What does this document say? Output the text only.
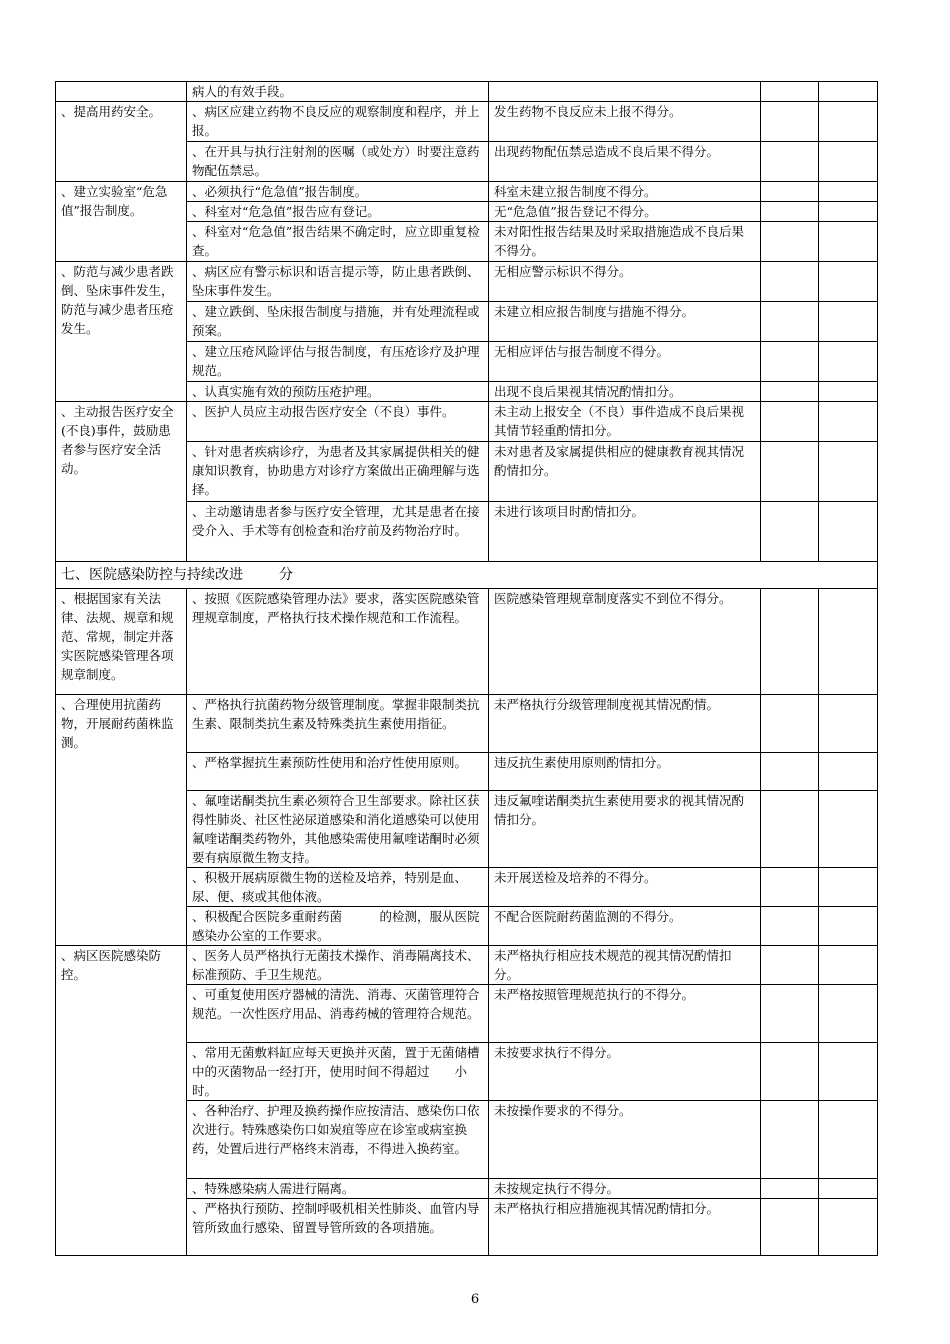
	病人的有效手段。			
、提高用药安全。	、病区应建立药物不良反应的观察制度和程序，并上报。	发生药物不良反应未上报不得分。		
	、在开具与执行注射剂的医嘱（或处方）时要注意药物配伍禁忌。	出现药物配伍禁忌造成不良后果不得分。		
、建立实验室“危急值”报告制度。	、必须执行“危急值”报告制度。	科室未建立报告制度不得分。		
	、科室对“危急值”报告应有登记。	无“危急值”报告登记不得分。		
	、科室对“危急值”报告结果不确定时，应立即重复检查。	未对阳性报告结果及时采取措施造成不良后果不得分。		
、防范与减少患者跌倒、坠床事件发生，防范与减少患者压疮发生。	、病区应有警示标识和语言提示等，防止患者跌倒、坠床事件发生。	无相应警示标识不得分。		
	、建立跌倒、坠床报告制度与措施，并有处理流程或预案。	未建立相应报告制度与措施不得分。		
	、建立压疮风险评估与报告制度，有压疮诊疗及护理规范。	无相应评估与报告制度不得分。		
	、认真实施有效的预防压疮护理。	出现不良后果视其情况酌情扣分。		
、主动报告医疗安全(不良)事件，鼓励患者参与医疗安全活动。	、医护人员应主动报告医疗安全（不良）事件。	未主动上报安全（不良）事件造成不良后果视其情节轻重酌情扣分。		
	、针对患者疾病诊疗，为患者及其家属提供相关的健康知识教育，协助患方对诊疗方案做出正确理解与选择。	未对患者及家属提供相应的健康教育视其情况酌情扣分。		
	、主动邀请患者参与医疗安全管理，尤其是患者在接受介入、手术等有创检查和治疗前及药物治疗时。	未进行该项目时酌情扣分。		
七、医院感染防控与持续改进 分				
、根据国家有关法律、法规、规章和规范、常规，制定并落实医院感染管理各项规章制度。	、按照《医院感染管理办法》要求，落实医院感染管理规章制度，严格执行技术操作规范和工作流程。	医院感染管理规章制度落实不到位不得分。		
、合理使用抗菌药物，开展耐药菌株监测。	、严格执行抗菌药物分级管理制度。掌握非限制类抗生素、限制类抗生素及特殊类抗生素使用指征。	未严格执行分级管理制度视其情况酌情。		
	、严格掌握抗生素预防性使用和治疗性使用原则。	违反抗生素使用原则酌情扣分。		
	、氟喹诺酮类抗生素必须符合卫生部要求。除社区获得性肺炎、社区性泌尿道感染和消化道感染可以使用氟喹诺酮类药物外，其他感染需使用氟喹诺酮时必须要有病原微生物支持。	违反氟喹诺酮类抗生素使用要求的视其情况酌情扣分。		
	、积极开展病原微生物的送检及培养，特别是血、尿、便、痰或其他体液。	未开展送检及培养的不得分。		
	、积极配合医院多重耐药菌　　　的检测，服从医院感染办公室的工作要求。	不配合医院耐药菌监测的不得分。		
、病区医院感染防控。	、医务人员严格执行无菌技术操作、消毒隔离技术、标准预防、手卫生规范。	未严格执行相应技术规范的视其情况酌情扣分。		
	、可重复使用医疗器械的清洗、消毒、灭菌管理符合规范。一次性医疗用品、消毒药械的管理符合规范。	未严格按照管理规范执行的不得分。		
	、常用无菌敷料缸应每天更换并灭菌，置于无菌储槽中的灭菌物品一经打开，使用时间不得超过　　小时。	未按要求执行不得分。		
	、各种治疗、护理及换药操作应按清洁、感染伤口依次进行。特殊感染伤口如炭疽等应在诊室或病室换药，处置后进行严格终末消毒，不得进入换药室。	未按操作要求的不得分。		
	、特殊感染病人需进行隔离。	未按规定执行不得分。		
	、严格执行预防、控制呼吸机相关性肺炎、血管内导管所致血行感染、留置导管所致的各项措施。	未严格执行相应措施视其情况酌情扣分。		
6
